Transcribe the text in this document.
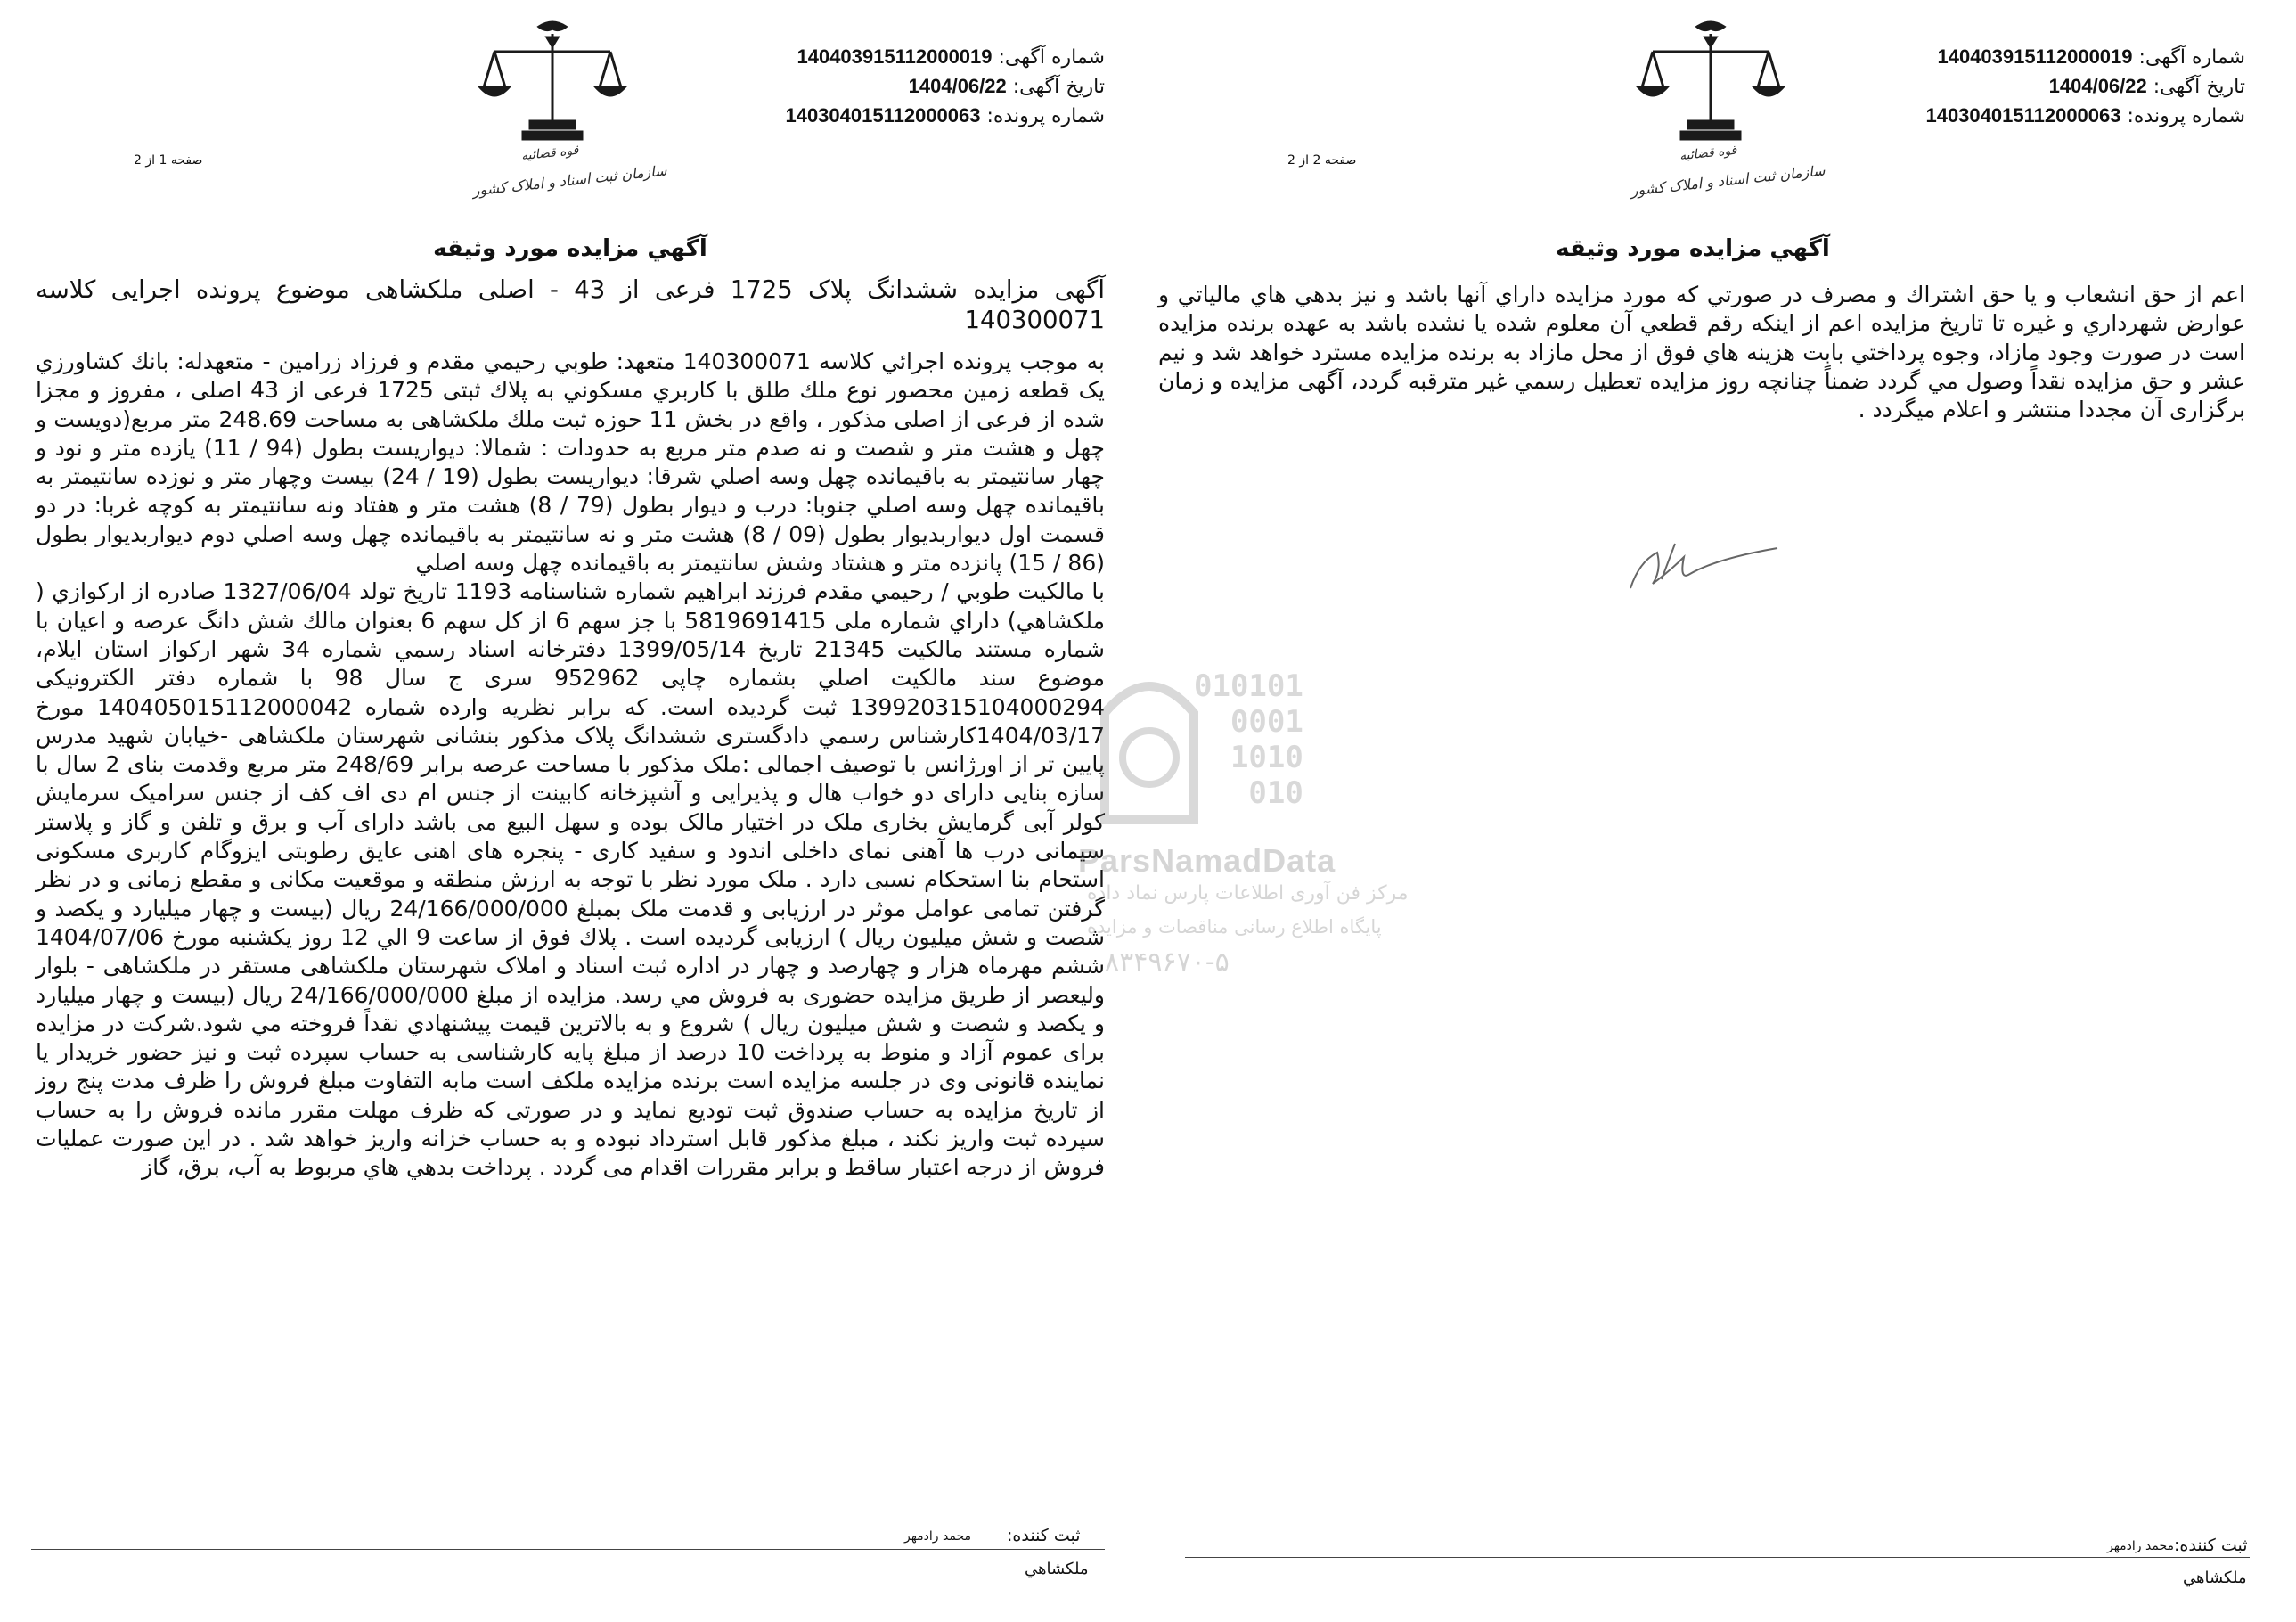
قوه قضائيه
سازمان ثبت اسناد و املاک كشور
شماره آگهی: 140403915112000019
تاریخ آگهی: 1404/06/22
شماره پرونده: 140304015112000063
صفحه 1 از 2
آگهي مزايده مورد وثيقه
آگهی مزایده ششدانگ پلاک 1725 فرعی از 43 - اصلی ملکشاهی موضوع پرونده اجرایی کلاسه 140300071
به موجب پرونده اجرائي كلاسه 140300071 متعهد: طوبي رحيمي مقدم و فرزاد زرامين - متعهدله: بانك كشاورزي يک قطعه زمين محصور نوع ملك طلق با كاربري مسكوني به پلاك ثبتی 1725 فرعی از 43 اصلی ، مفروز و مجزا شده از فرعی از اصلی مذكور ، واقع در بخش 11 حوزه ثبت ملك ملكشاهی به مساحت 248.69 متر مربع(دويست و چهل و هشت متر و شصت و نه صدم متر مربع به حدودات : شمالا: ديواريست بطول (94 / 11) يازده متر و نود و چهار سانتيمتر به باقيمانده چهل وسه اصلي شرقا: ديواريست بطول (19 / 24) بيست وچهار متر و نوزده سانتيمتر به باقيمانده چهل وسه اصلي جنوبا: درب و ديوار بطول (79 / 8) هشت متر و هفتاد ونه سانتيمتر به كوچه غربا: در دو قسمت اول ديواربديوار بطول (09 / 8) هشت متر و نه سانتيمتر به باقيمانده چهل وسه اصلي دوم ديواربديوار بطول (86 / 15) پانزده متر و هشتاد وشش سانتيمتر به باقيمانده چهل وسه اصلي
با مالكيت طوبي / رحيمي مقدم فرزند ابراهيم شماره شناسنامه 1193 تاريخ تولد 1327/06/04 صادره از اركوازي ( ملكشاهي) داراي شماره ملی 5819691415 با جز سهم 6 از كل سهم 6 بعنوان مالك شش دانگ عرصه و اعيان با شماره مستند مالكيت 21345 تاريخ 1399/05/14 دفترخانه اسناد رسمي شماره 34 شهر اركواز استان ايلام، موضوع سند مالكيت اصلي بشماره چاپی 952962 سری ج سال 98 با شماره دفتر الكترونيكی 139920315104000294 ثبت گرديده است. كه برابر نظريه وارده شماره 140405015112000042 مورخ 1404/03/17كارشناس رسمي دادگستری ششدانگ پلاک مذكور بنشانی شهرستان ملكشاهی -خيابان شهيد مدرس پايين تر از اورژانس با توصيف اجمالی :ملک مذكور با مساحت عرصه برابر 248/69 متر مربع وقدمت بنای 2 سال با سازه بنايی دارای دو خواب هال و پذيرايی و آشپزخانه كابينت از جنس ام دی اف كف از جنس سراميک سرمايش كولر آبی گرمايش بخاری ملک در اختيار مالک بوده و سهل البيع می باشد دارای آب و برق و تلفن و گاز و پلاستر سيمانی درب ها آهنی نمای داخلی اندود و سفيد كاری - پنجره های اهنی عايق رطوبتی ايزوگام كاربری مسكونی استحام بنا استحكام نسبی دارد . ملک مورد نظر با توجه به ارزش منطقه و موقعيت مكانی و مقطع زمانی و در نظر گرفتن تمامی عوامل موثر در ارزيابی و قدمت ملک بمبلغ 24/166/000/000 ريال (بيست و چهار ميليارد و يكصد و شصت و شش ميليون ريال ) ارزيابی گرديده است . پلاك فوق از ساعت 9 الي 12 روز يكشنبه مورخ 1404/07/06 ششم مهرماه هزار و چهارصد و چهار در اداره ثبت اسناد و املاک شهرستان ملكشاهی مستقر در ملكشاهی - بلوار وليعصر از طريق مزايده حضوری به فروش مي رسد. مزايده از مبلغ 24/166/000/000 ريال (بيست و چهار ميليارد و يكصد و شصت و شش ميليون ريال ) شروع و به بالاترين قيمت پيشنهادي نقداً فروخته مي شود.شركت در مزايده برای عموم آزاد و منوط به پرداخت 10 درصد از مبلغ پايه كارشناسی به حساب سپرده ثبت و نيز حضور خريدار يا نماينده قانونی وی در جلسه مزايده است برنده مزايده ملكف است مابه التفاوت مبلغ فروش را ظرف مدت پنج روز از تاريخ مزايده به حساب صندوق ثبت توديع نمايد و در صورتی كه ظرف مهلت مقرر مانده فروش را به حساب سپرده ثبت واريز نكند ، مبلغ مذكور قابل استرداد نبوده و به حساب خزانه واريز خواهد شد . در اين صورت عمليات فروش از درجه اعتبار ساقط و برابر مقررات اقدام می گردد . پرداخت بدهي هاي مربوط به آب، برق، گاز
ثبت كننده:
محمد رادمهر
ملكشاهي
قوه قضائيه
سازمان ثبت اسناد و املاک كشور
شماره آگهی: 140403915112000019
تاریخ آگهی: 1404/06/22
شماره پرونده: 140304015112000063
صفحه 2 از 2
آگهي مزايده مورد وثيقه
اعم از حق انشعاب و يا حق اشتراك و مصرف در صورتي كه مورد مزايده داراي آنها باشد و نيز بدهي هاي مالياتي و عوارض شهرداري و غيره تا تاريخ مزايده اعم از اينكه رقم قطعي آن معلوم شده يا نشده باشد به عهده برنده مزايده است در صورت وجود مازاد، وجوه پرداختي بابت هزينه هاي فوق از محل مازاد به برنده مزايده مسترد خواهد شد و نيم عشر و حق مزايده نقداً وصول مي گردد ضمناً چنانچه روز مزايده تعطيل رسمي غير مترقبه گردد، آگهی مزايده و زمان برگزاری آن مجددا منتشر و اعلام ميگردد .
ثبت كننده:
محمد رادمهر
ملكشاهي
010101
0001
1010
010
ParsNamadData
مرکز فن آوری اطلاعات پارس نماد داده
پایگاه اطلاع رسانی مناقصات و مزایده
۸۳۴۹۶۷۰-۵
